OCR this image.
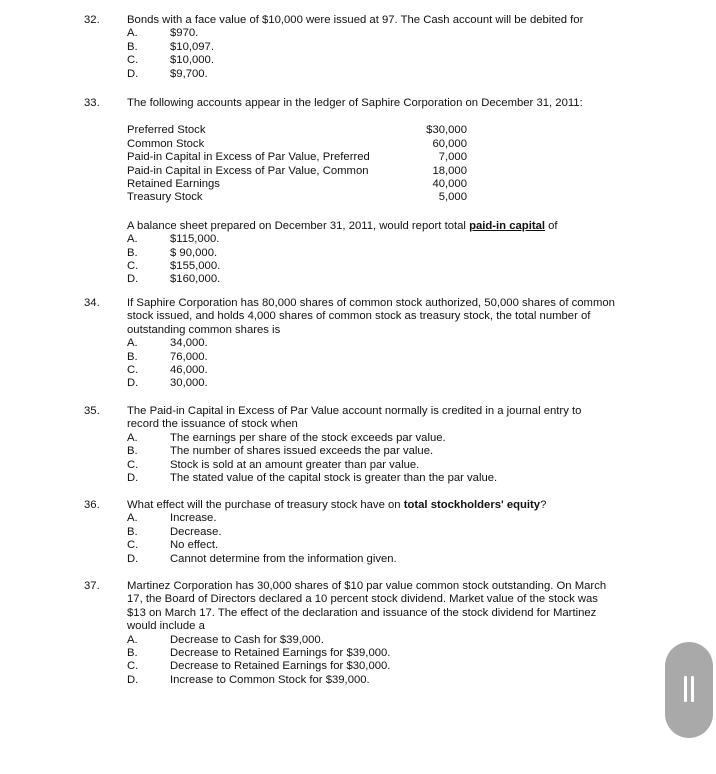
32. Bonds with a face value of $10,000 were issued at 97. The Cash account will be debited for

A.	$970.
B.	$10,097.
C.	$10,000.
D.	$9,700.
33. The following accounts appear in the ledger of Saphire Corporation on December 31, 2011:

Preferred Stock	$30,000
Common Stock	60,000
Paid-in Capital in Excess of Par Value, Preferred	7,000
Paid-in Capital in Excess of Par Value, Common	18,000
Retained Earnings	40,000
Treasury Stock	5,000

A balance sheet prepared on December 31, 2011, would report total paid-in capital of

A.	$115,000.
B.	$ 90,000.
C.	$155,000.
D.	$160,000.
34. If Saphire Corporation has 80,000 shares of common stock authorized, 50,000 shares of common

stock issued, and holds 4,000 shares of common stock as treasury stock, the total number of

outstanding common shares is

A.	34,000.
B.	76,000.
C.	46,000.
D.	30,000.
35. The Paid-in Capital in Excess of Par Value account normally is credited in a journal entry to

record the issuance of stock when

A.	The earnings per share of the stock exceeds par value.
B.	The number of shares issued exceeds the par value.
C.	Stock is sold at an amount greater than par value.
D.	The stated value of the capital stock is greater than the par value.
36. What effect will the purchase of treasury stock have on total stockholders' equity?

A.	Increase.
B.	Decrease.
C.	No effect.
D.	Cannot determine from the information given.
37. Martinez Corporation has 30,000 shares of $10 par value common stock outstanding. On March

17, the Board of Directors declared a 10 percent stock dividend. Market value of the stock was

$13 on March 17. The effect of the declaration and issuance of the stock dividend for Martinez

would include a

A.	Decrease to Cash for $39,000.
B.	Decrease to Retained Earnings for $39,000.
C.	Decrease to Retained Earnings for $30,000.
D.	Increase to Common Stock for $39,000.
